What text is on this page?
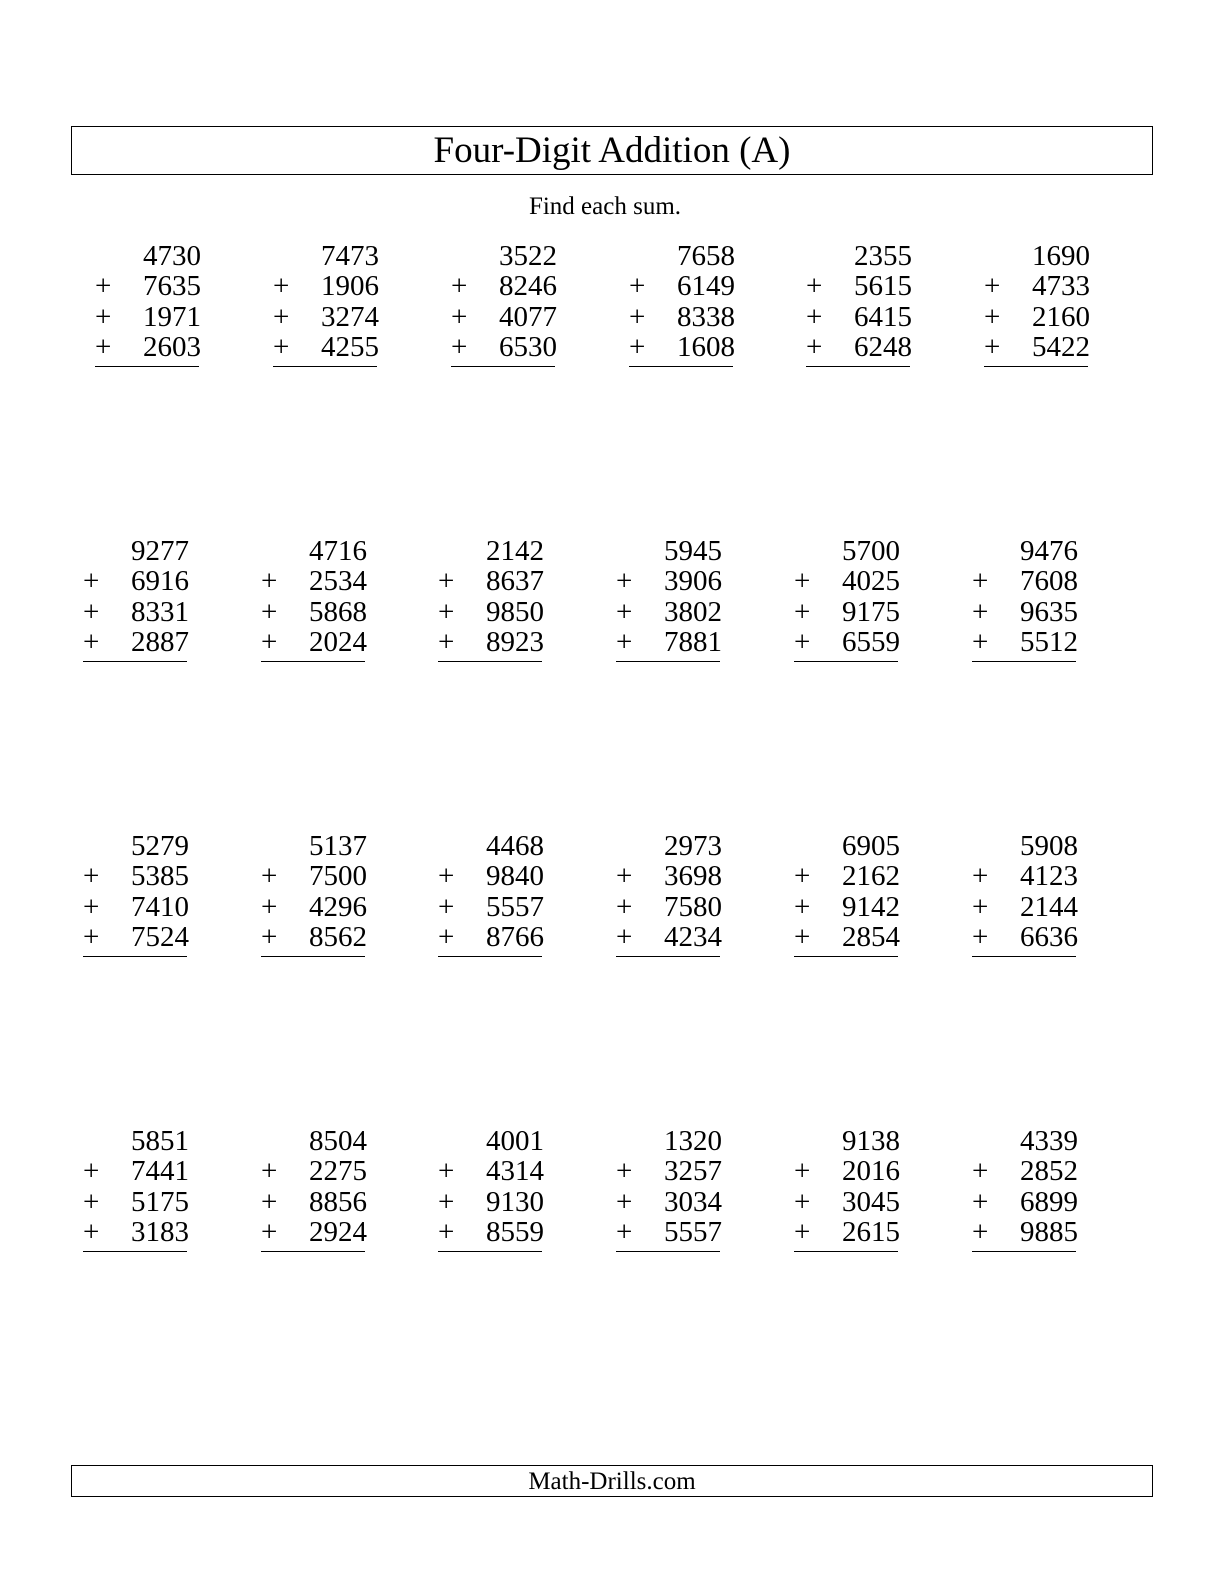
Four-Digit Addition (A)
Find each sum.
4730
+ 7635
+ 1971
+ 2603
7473
+ 1906
+ 3274
+ 4255
3522
+ 8246
+ 4077
+ 6530
7658
+ 6149
+ 8338
+ 1608
2355
+ 5615
+ 6415
+ 6248
1690
+ 4733
+ 2160
+ 5422
9277
+ 6916
+ 8331
+ 2887
4716
+ 2534
+ 5868
+ 2024
2142
+ 8637
+ 9850
+ 8923
5945
+ 3906
+ 3802
+ 7881
5700
+ 4025
+ 9175
+ 6559
9476
+ 7608
+ 9635
+ 5512
5279
+ 5385
+ 7410
+ 7524
5137
+ 7500
+ 4296
+ 8562
4468
+ 9840
+ 5557
+ 8766
2973
+ 3698
+ 7580
+ 4234
6905
+ 2162
+ 9142
+ 2854
5908
+ 4123
+ 2144
+ 6636
5851
+ 7441
+ 5175
+ 3183
8504
+ 2275
+ 8856
+ 2924
4001
+ 4314
+ 9130
+ 8559
1320
+ 3257
+ 3034
+ 5557
9138
+ 2016
+ 3045
+ 2615
4339
+ 2852
+ 6899
+ 9885
Math-Drills.com
